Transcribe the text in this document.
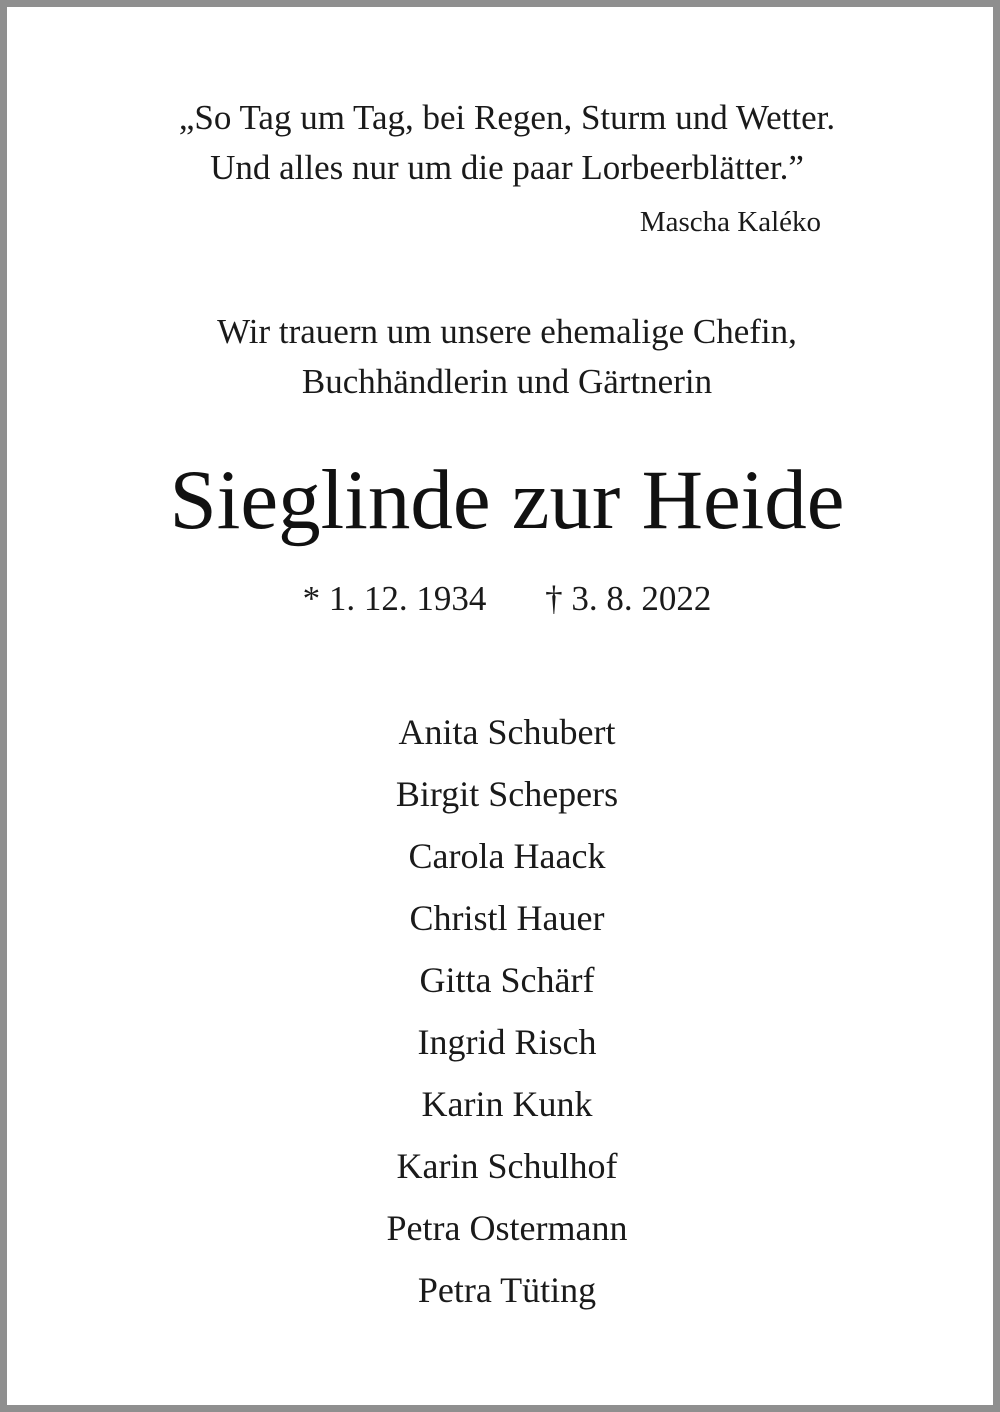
„So Tag um Tag, bei Regen, Sturm und Wetter.
Und alles nur um die paar Lorbeerblätter.”
Mascha Kaléko
Wir trauern um unsere ehemalige Chefin,
Buchhändlerin und Gärtnerin
Sieglinde zur Heide
* 1. 12. 1934 † 3. 8. 2022
Anita Schubert
Birgit Schepers
Carola Haack
Christl Hauer
Gitta Schärf
Ingrid Risch
Karin Kunk
Karin Schulhof
Petra Ostermann
Petra Tüting
